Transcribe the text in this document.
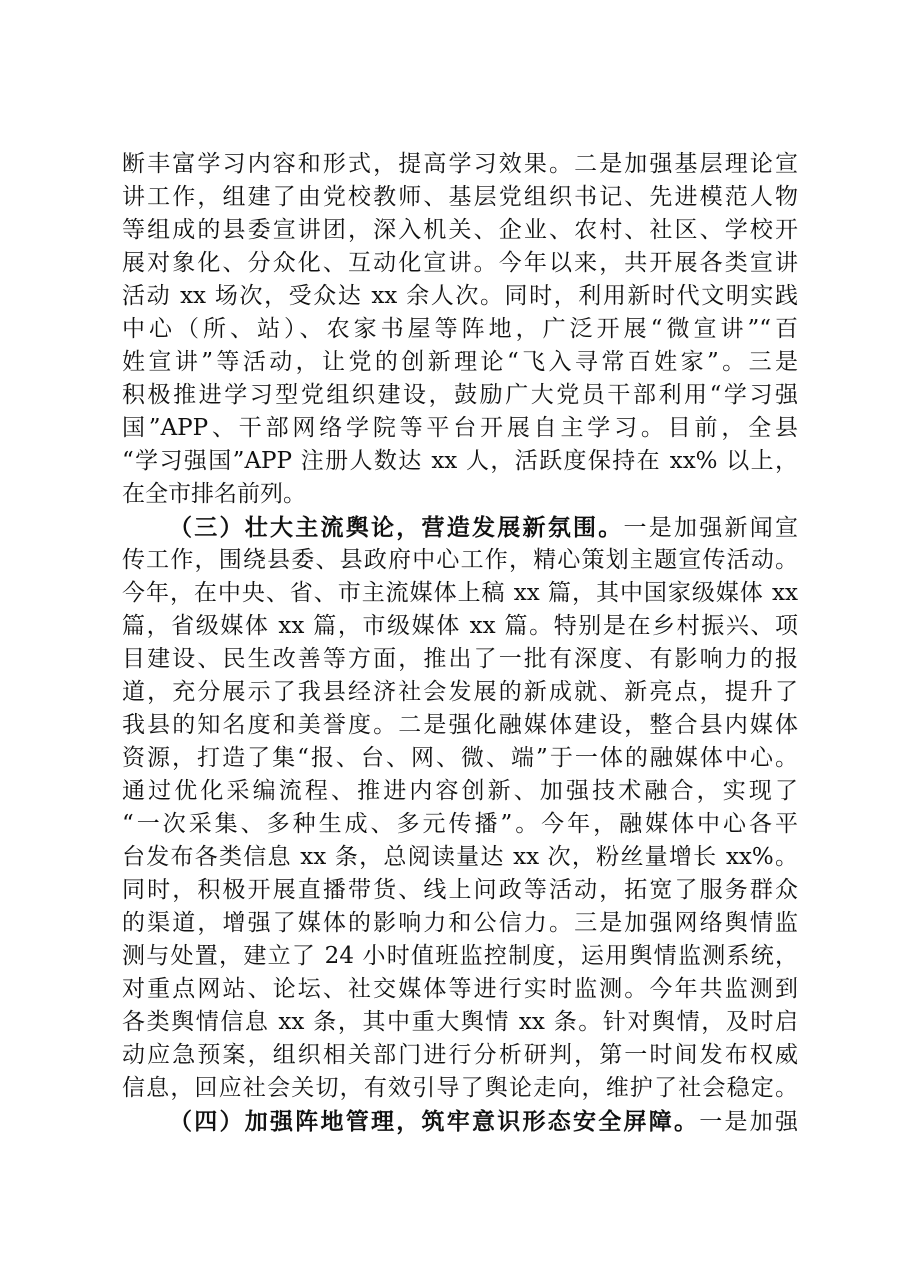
断丰富学习内容和形式，提高学习效果。二是加强基层理论宣
讲工作，组建了由党校教师、基层党组织书记、先进模范人物
等组成的县委宣讲团，深入机关、企业、农村、社区、学校开
展对象化、分众化、互动化宣讲。今年以来，共开展各类宣讲
活动 xx 场次，受众达 xx 余人次。同时，利用新时代文明实践
中心（所、站）、农家书屋等阵地，广泛开展“微宣讲”“百
姓宣讲”等活动，让党的创新理论“飞入寻常百姓家”。三是
积极推进学习型党组织建设，鼓励广大党员干部利用“学习强
国”APP、干部网络学院等平台开展自主学习。目前，全县
“学习强国”APP 注册人数达 xx 人，活跃度保持在 xx% 以上，
在全市排名前列。
（三）壮大主流舆论，营造发展新氛围。一是加强新闻宣
传工作，围绕县委、县政府中心工作，精心策划主题宣传活动。
今年，在中央、省、市主流媒体上稿 xx 篇，其中国家级媒体 xx
篇，省级媒体 xx 篇，市级媒体 xx 篇。特别是在乡村振兴、项
目建设、民生改善等方面，推出了一批有深度、有影响力的报
道，充分展示了我县经济社会发展的新成就、新亮点，提升了
我县的知名度和美誉度。二是强化融媒体建设，整合县内媒体
资源，打造了集“报、台、网、微、端”于一体的融媒体中心。
通过优化采编流程、推进内容创新、加强技术融合，实现了
“一次采集、多种生成、多元传播”。今年，融媒体中心各平
台发布各类信息 xx 条，总阅读量达 xx 次，粉丝量增长 xx%。
同时，积极开展直播带货、线上问政等活动，拓宽了服务群众
的渠道，增强了媒体的影响力和公信力。三是加强网络舆情监
测与处置，建立了 24 小时值班监控制度，运用舆情监测系统，
对重点网站、论坛、社交媒体等进行实时监测。今年共监测到
各类舆情信息 xx 条，其中重大舆情 xx 条。针对舆情，及时启
动应急预案，组织相关部门进行分析研判，第一时间发布权威
信息，回应社会关切，有效引导了舆论走向，维护了社会稳定。
（四）加强阵地管理，筑牢意识形态安全屏障。一是加强
